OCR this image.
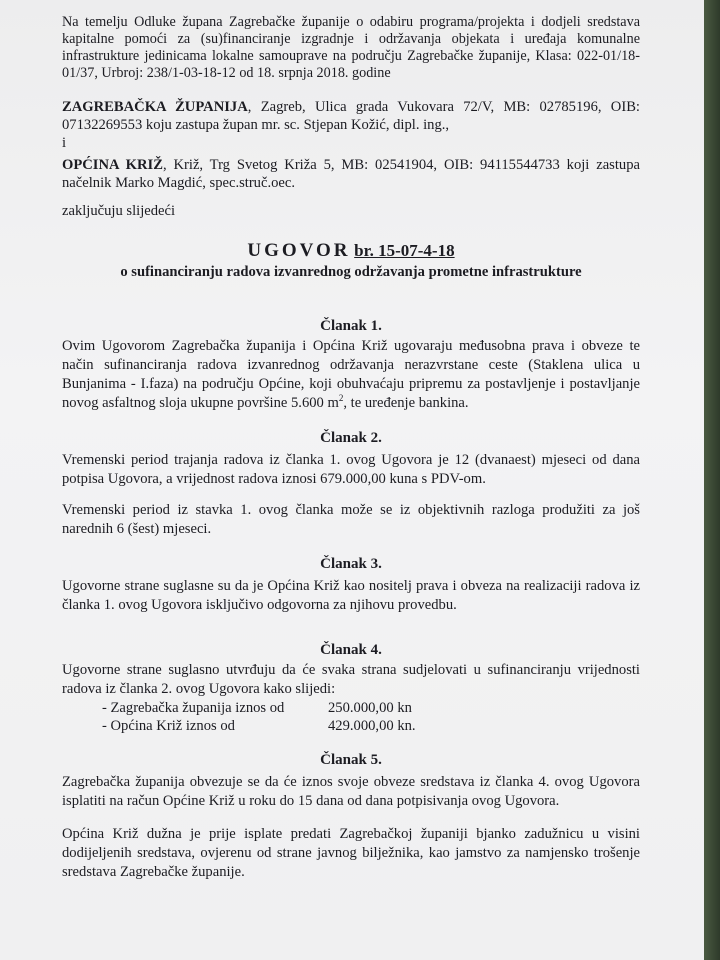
Na temelju Odluke župana Zagrebačke županije o odabiru programa/projekta i dodjeli sredstava kapitalne pomoći za (su)financiranje izgradnje i održavanja objekata i uređaja komunalne infrastrukture jedinicama lokalne samouprave na području Zagrebačke županije, Klasa: 022-01/18-01/37, Urbroj: 238/1-03-18-12 od 18. srpnja 2018. godine

ZAGREBAČKA ŽUPANIJA, Zagreb, Ulica grada Vukovara 72/V, MB: 02785196, OIB: 07132269553 koju zastupa župan mr. sc. Stjepan Kožić, dipl. ing.,

i

OPĆINA KRIŽ, Križ, Trg Svetog Križa 5, MB: 02541904, OIB: 94115544733 koji zastupa načelnik Marko Magdić, spec.struč.oec.

zaključuju slijedeći

UGOVOR br. 15-07-4-18
o sufinanciranju radova izvanrednog održavanja prometne infrastrukture
Članak 1.

Ovim Ugovorom Zagrebačka županija i Općina Križ ugovaraju međusobna prava i obveze te način sufinanciranja radova izvanrednog održavanja nerazvrstane ceste (Staklena ulica u Bunjanima - I.faza) na području Općine, koji obuhvaćaju pripremu za postavljenje i postavljanje novog asfaltnog sloja ukupne površine 5.600 $m^2$, te uređenje bankina.

Članak 2.

Vremenski period trajanja radova iz članka 1. ovog Ugovora je 12 (dvanaest) mjeseci od dana potpisa Ugovora, a vrijednost radova iznosi 679.000,00 kuna s PDV-om.

Vremenski period iz stavka 1. ovog članka može se iz objektivnih razloga produžiti za još narednih 6 (šest) mjeseci.

Članak 3.

Ugovorne strane suglasne su da je Općina Križ kao nositelj prava i obveza na realizaciji radova iz članka 1. ovog Ugovora isključivo odgovorna za njihovu provedbu.

Članak 4.

Ugovorne strane suglasno utvrđuju da će svaka strana sudjelovati u sufinanciranju vrijednosti radova iz članka 2. ovog Ugovora kako slijedi:

- Zagrebačka županija iznos od	250.000,00 kn
- Općina Križ iznos od	429.000,00 kn.
Članak 5.

Zagrebačka županija obvezuje se da će iznos svoje obveze sredstava iz članka 4. ovog Ugovora isplatiti na račun Općine Križ u roku do 15 dana od dana potpisivanja ovog Ugovora.

Općina Križ dužna je prije isplate predati Zagrebačkoj županiji bjanko zadužnicu u visini dodijeljenih sredstava, ovjerenu od strane javnog bilježnika, kao jamstvo za namjensko trošenje sredstava Zagrebačke županije.
